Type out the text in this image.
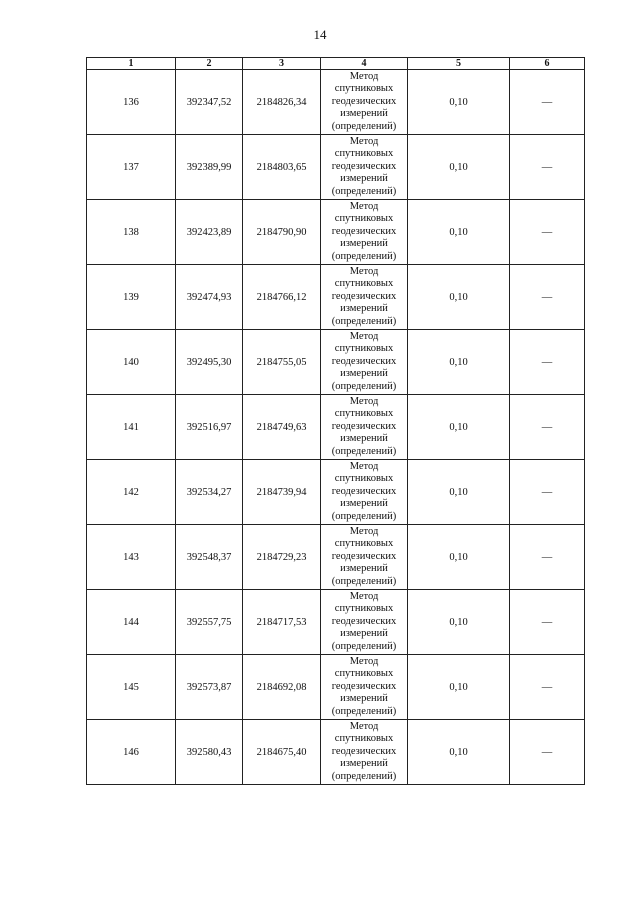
14
1	2	3	4	5	6
136	392347,52	2184826,34	Метод
спутниковых
геодезических
измерений
(определений)	0,10	—
137	392389,99	2184803,65	Метод
спутниковых
геодезических
измерений
(определений)	0,10	—
138	392423,89	2184790,90	Метод
спутниковых
геодезических
измерений
(определений)	0,10	—
139	392474,93	2184766,12	Метод
спутниковых
геодезических
измерений
(определений)	0,10	—
140	392495,30	2184755,05	Метод
спутниковых
геодезических
измерений
(определений)	0,10	—
141	392516,97	2184749,63	Метод
спутниковых
геодезических
измерений
(определений)	0,10	—
142	392534,27	2184739,94	Метод
спутниковых
геодезических
измерений
(определений)	0,10	—
143	392548,37	2184729,23	Метод
спутниковых
геодезических
измерений
(определений)	0,10	—
144	392557,75	2184717,53	Метод
спутниковых
геодезических
измерений
(определений)	0,10	—
145	392573,87	2184692,08	Метод
спутниковых
геодезических
измерений
(определений)	0,10	—
146	392580,43	2184675,40	Метод
спутниковых
геодезических
измерений
(определений)	0,10	—
